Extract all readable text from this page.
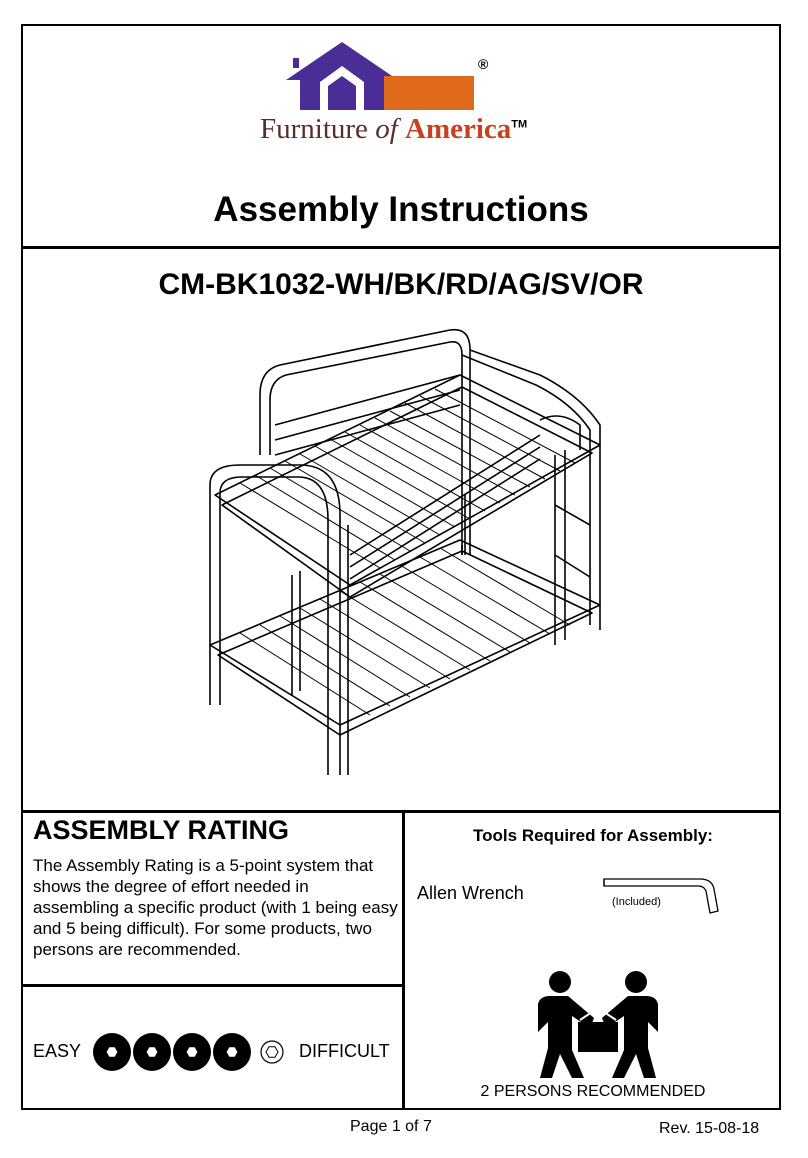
®
Furniture of America™
Assembly Instructions
CM-BK1032-WH/BK/RD/AG/SV/OR
ASSEMBLY RATING
The Assembly Rating is a 5-point system that shows the degree of effort needed in assembling a specific product (with 1 being easy and 5 being difficult). For some products, two persons are recommended.
Tools Required for Assembly:
Allen Wrench	(Included)
EASY	DIFFICULT
2 PERSONS RECOMMENDED
Page 1 of 7	Rev. 15-08-18
